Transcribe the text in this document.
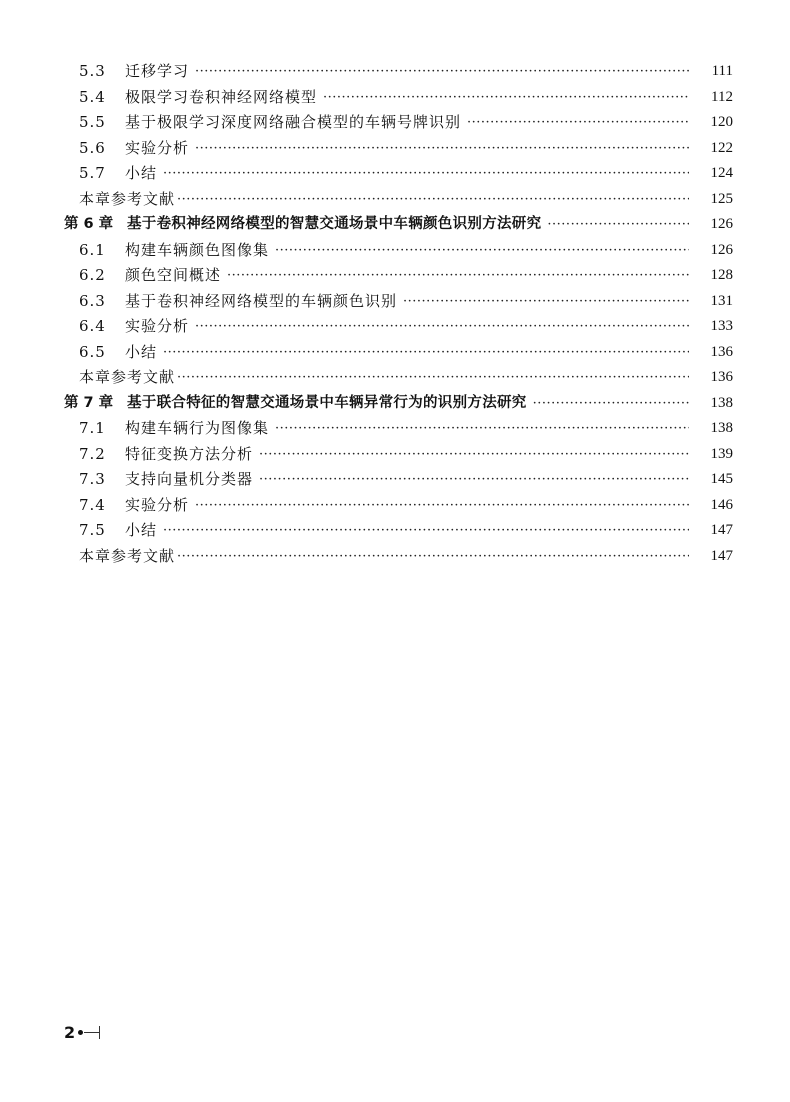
5.3	迁移学习 ·····	111
5.4	极限学习卷积神经网络模型 ·····	112
5.5	基于极限学习深度网络融合模型的车辆号牌识别 ·····	120
5.6	实验分析 ·····	122
5.7	小结 ·····	124
本章参考文献 ·····	125
第 6 章 基于卷积神经网络模型的智慧交通场景中车辆颜色识别方法研究 ·····	126
6.1	构建车辆颜色图像集 ·····	126
6.2	颜色空间概述 ·····	128
6.3	基于卷积神经网络模型的车辆颜色识别 ·····	131
6.4	实验分析 ·····	133
6.5	小结 ·····	136
本章参考文献 ·····	136
第 7 章 基于联合特征的智慧交通场景中车辆异常行为的识别方法研究 ·····	138
7.1	构建车辆行为图像集 ·····	138
7.2	特征变换方法分析 ·····	139
7.3	支持向量机分类器 ·····	145
7.4	实验分析 ·····	146
7.5	小结 ·····	147
本章参考文献 ·····	147
2
